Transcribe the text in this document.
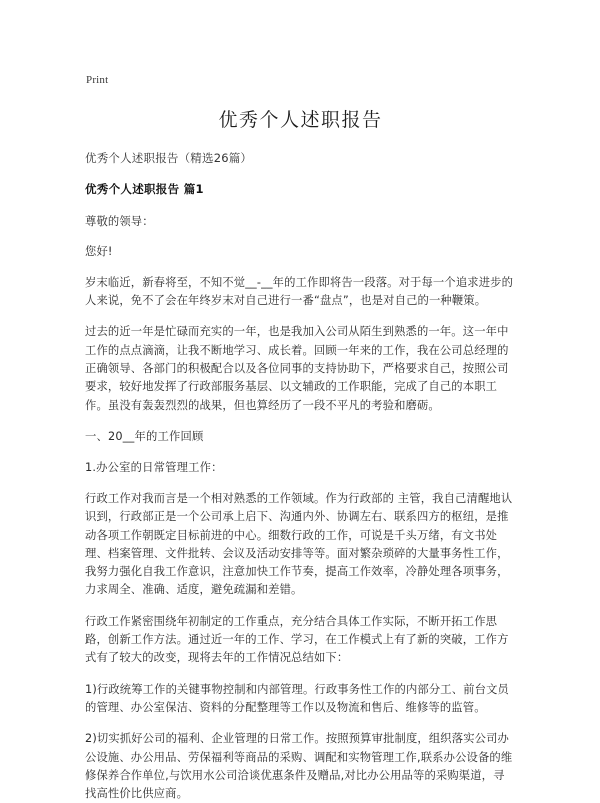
Print
优秀个人述职报告
优秀个人述职报告（精选26篇）
优秀个人述职报告 篇1

尊敬的领导：

您好!

岁末临近，新春将至，不知不觉__-__年的工作即将告一段落。对于每一个追求进步的人来说，免不了会在年终岁末对自己进行一番“盘点”，也是对自己的一种鞭策。

过去的近一年是忙碌而充实的一年，也是我加入公司从陌生到熟悉的一年。这一年中工作的点点滴滴，让我不断地学习、成长着。回顾一年来的工作，我在公司总经理的正确领导、各部门的积极配合以及各位同事的支持协助下，严格要求自己，按照公司要求，较好地发挥了行政部服务基层、以文辅政的工作职能，完成了自己的本职工作。虽没有轰轰烈烈的战果，但也算经历了一段不平凡的考验和磨砺。

一、20__年的工作回顾
1.办公室的日常管理工作：

行政工作对我而言是一个相对熟悉的工作领域。作为行政部的 主管，我自己清醒地认识到，行政部正是一个公司承上启下、沟通内外、协调左右、联系四方的枢纽，是推动各项工作朝既定目标前进的中心。细数行政的工作，可说是千头万绪，有文书处理、档案管理、文件批转、会议及活动安排等等。面对繁杂琐碎的大量事务性工作，我努力强化自我工作意识，注意加快工作节奏，提高工作效率，冷静处理各项事务，力求周全、准确、适度，避免疏漏和差错。

行政工作紧密围绕年初制定的工作重点，充分结合具体工作实际，不断开拓工作思路，创新工作方法。通过近一年的工作、学习，在工作模式上有了新的突破，工作方式有了较大的改变，现将去年的工作情况总结如下：

1)行政统筹工作的关键事物控制和内部管理。行政事务性工作的内部分工、前台文员的管理、办公室保洁、资料的分配整理等工作以及物流和售后、维修等的监管。

2)切实抓好公司的福利、企业管理的日常工作。按照预算审批制度，组织落实公司办公设施、办公用品、劳保福利等商品的采购、调配和实物管理工作,联系办公设备的维修保养合作单位,与饮用水公司洽谈优惠条件及赠品,对比办公用品等的采购渠道，寻找高性价比供应商。
